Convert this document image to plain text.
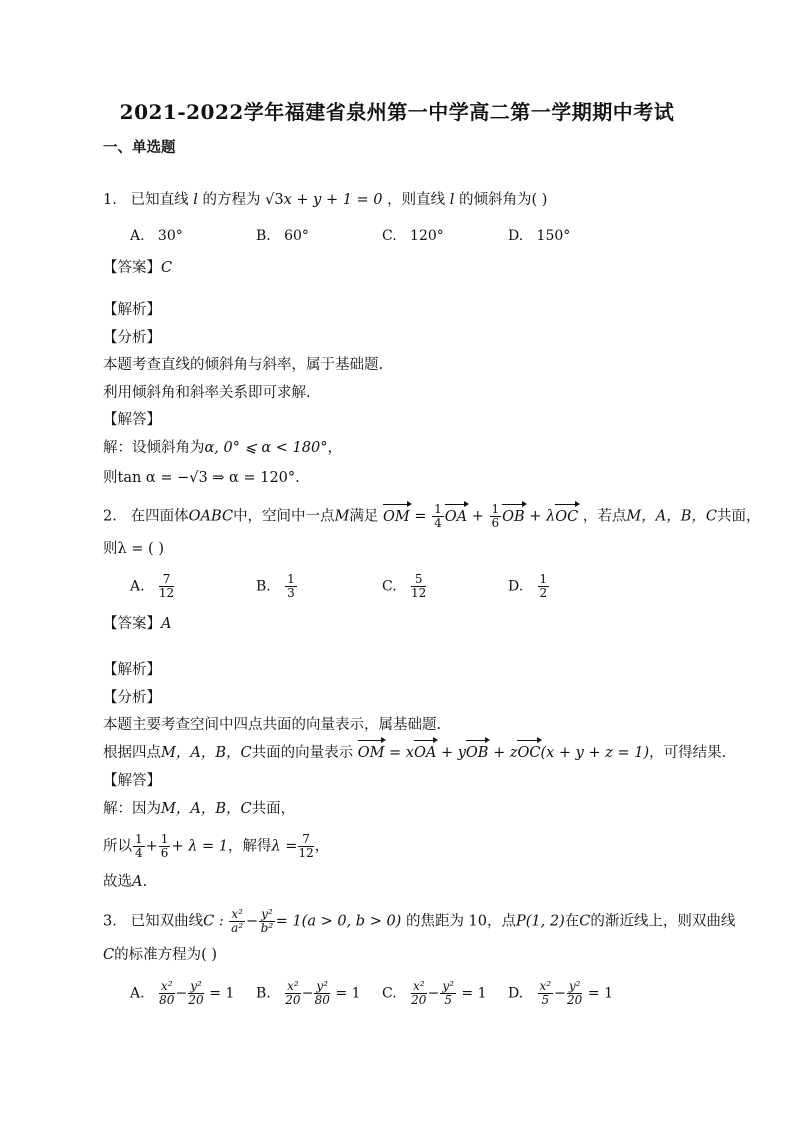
2021-2022学年福建省泉州第一中学高二第一学期期中考试
一、单选题
1. 已知直线 l 的方程为 √3x + y + 1 = 0 ，则直线 l 的倾斜角为( )
A. 30°	B. 60°	C. 120°	D. 150°
【答案】C
【解析】
【分析】
本题考查直线的倾斜角与斜率，属于基础题.
利用倾斜角和斜率关系即可求解.
【解答】
解：设倾斜角为α, 0° ⩽ α < 180°，
则tan α = −√3 ⇒ α = 120°.
2. 在四面体OABC中，空间中一点M满足 OM = $\frac{1}{4}$ OA + $\frac{1}{6}$ OB + λOC ，若点M，A，B，C共面，
则λ = ( )
A. $\frac{7}{12}$	B. $\frac{1}{3}$	C. $\frac{5}{12}$	D. $\frac{1}{2}$
【答案】A
【解析】
【分析】
本题主要考查空间中四点共面的向量表示，属基础题.
根据四点M，A，B，C共面的向量表示 OM = xOA + yOB + zOC(x + y + z = 1)，可得结果.
【解答】
解：因为M，A，B，C共面，
所以 $\frac{1}{4} + \frac{1}{6} + \lambda = 1$，解得$\lambda = \frac{7}{12}$ ，
故选A.
3. 已知双曲线C : $\frac{\text{x²}}{\text{a²}} - \frac{\text{y²}}{\text{b²}} = 1(a > 0$, b > 0) 的焦距为 10，点P(1, 2)在C的渐近线上，则双曲线
C的标准方程为( )
A. $\frac{\text{x²}}{80} - \frac{\text{y²}}{20} = 1$ B. $\frac{\text{x²}}{20} - \frac{\text{y²}}{80} = 1$ C. $\frac{\text{x²}}{20} - \frac{\text{y²}}{5} = 1$ D. $\frac{\text{x²}}{5} - \frac{\text{y²}}{20} = 1$
